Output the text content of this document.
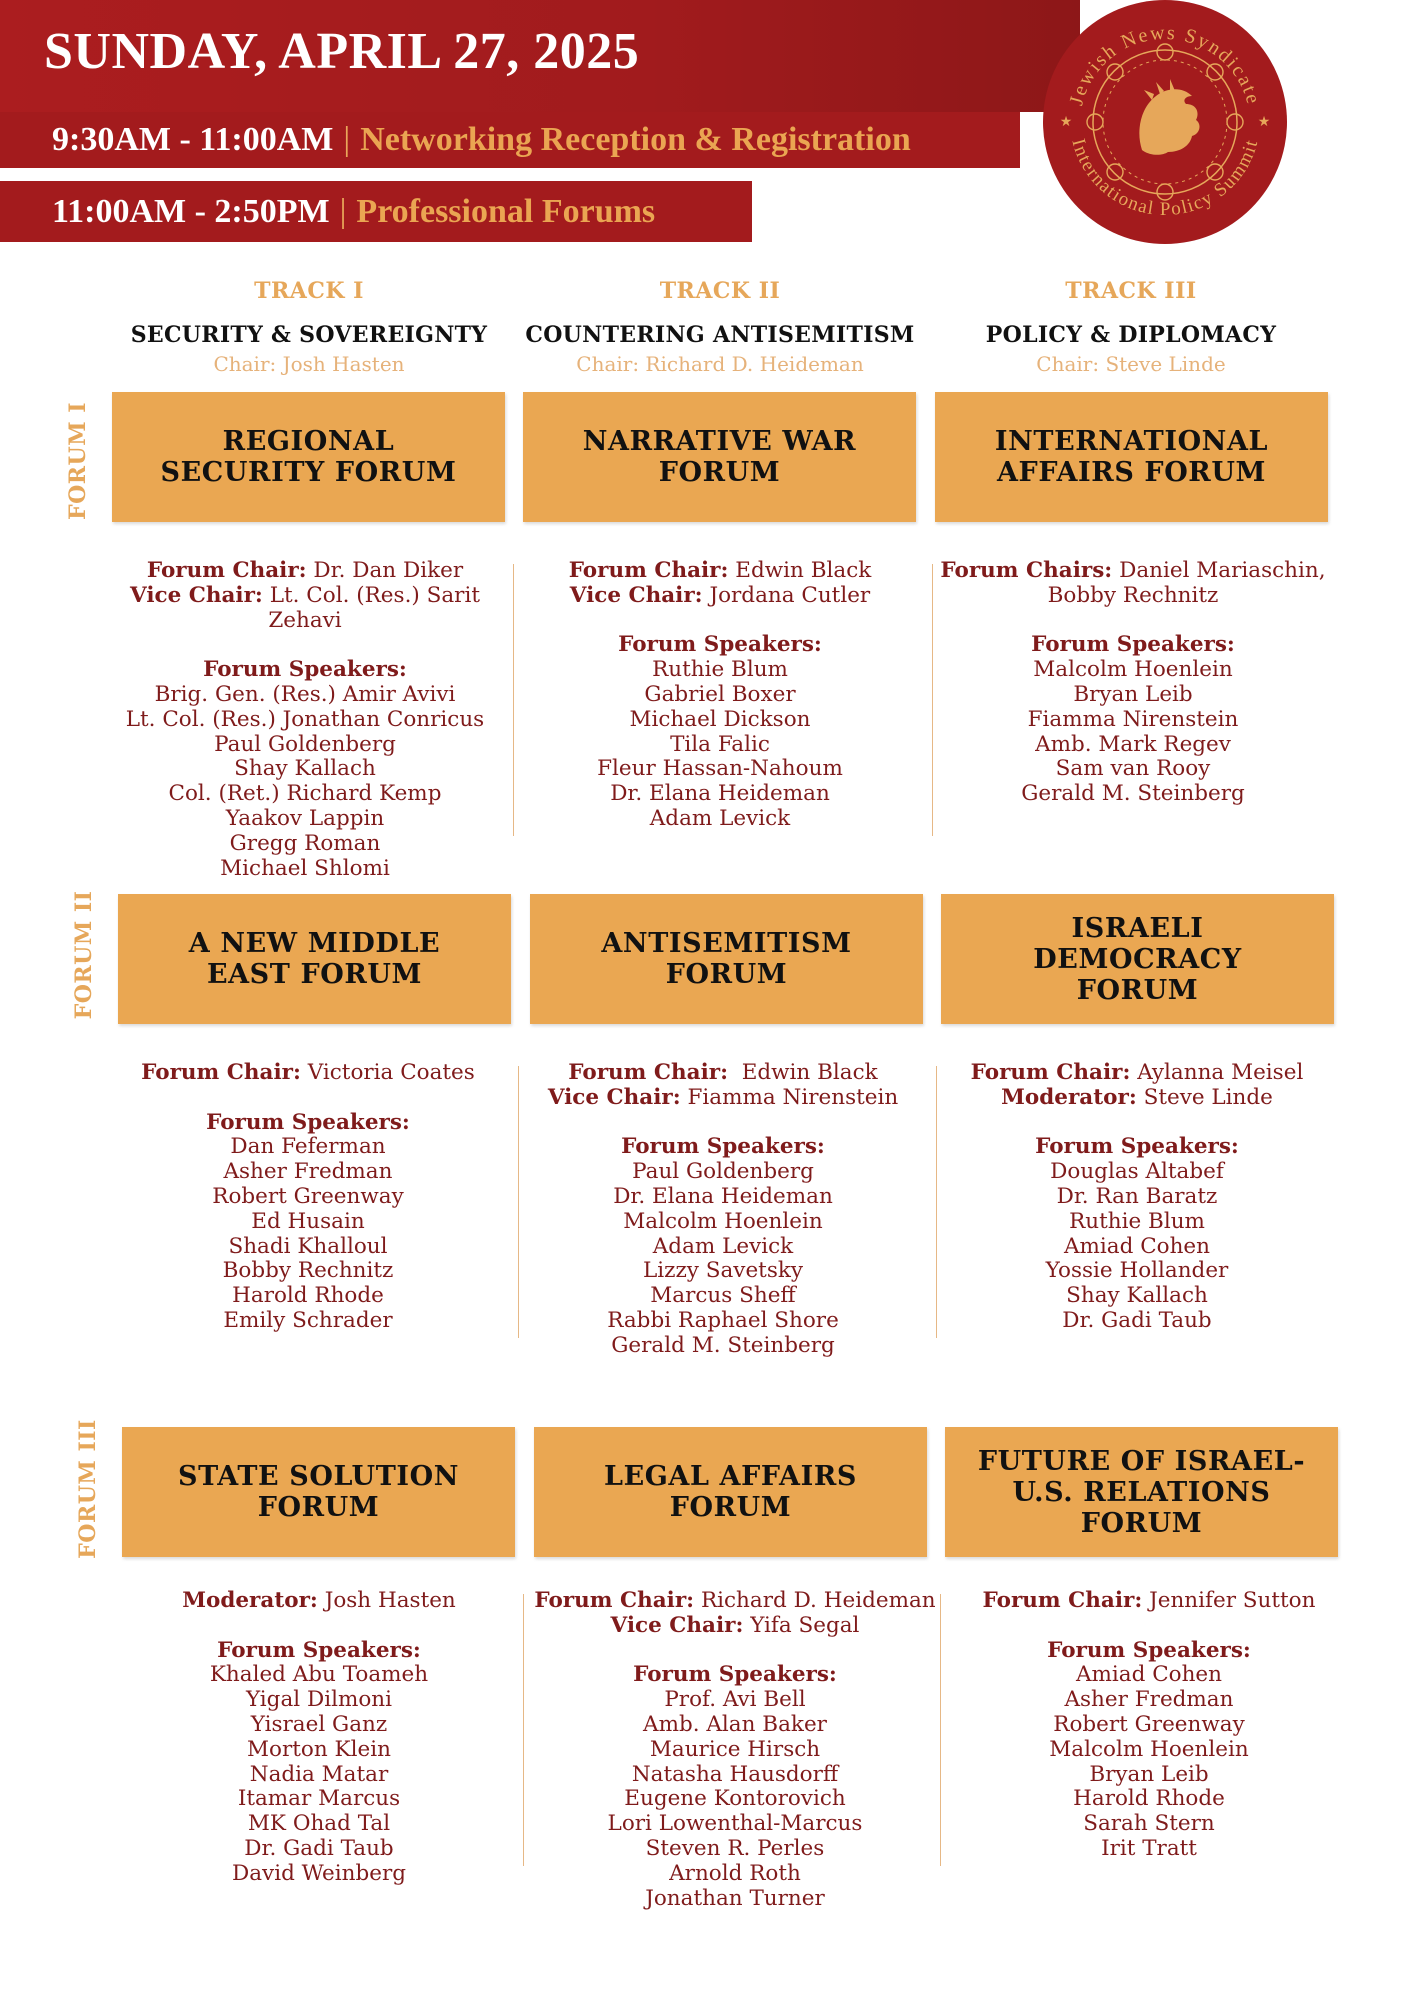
SUNDAY, APRIL 27, 2025
9:30AM - 11:00AM | Networking Reception & Registration
11:00AM - 2:50PM | Professional Forums
Jewish News Syndicate
International Policy Summit
★	★
TRACK I
SECURITY & SOVEREIGNTY
Chair: Josh Hasten
TRACK II
COUNTERING ANTISEMITISM
Chair: Richard D. Heideman
TRACK III
POLICY & DIPLOMACY
Chair: Steve Linde
FORUM I
FORUM II
FORUM III
REGIONAL
SECURITY FORUM
NARRATIVE WAR
FORUM
INTERNATIONAL
AFFAIRS FORUM
Forum Chair: Dr. Dan Diker
Vice Chair: Lt. Col. (Res.) Sarit Zehavi
Forum Speakers:
Brig. Gen. (Res.) Amir Avivi
Lt. Col. (Res.) Jonathan Conricus
Paul Goldenberg
Shay Kallach
Col. (Ret.) Richard Kemp
Yaakov Lappin
Gregg Roman
Michael Shlomi
Forum Chair: Edwin Black
Vice Chair: Jordana Cutler
Forum Speakers:
Ruthie Blum
Gabriel Boxer
Michael Dickson
Tila Falic
Fleur Hassan-Nahoum
Dr. Elana Heideman
Adam Levick
Forum Chairs: Daniel Mariaschin,
Bobby Rechnitz
Forum Speakers:
Malcolm Hoenlein
Bryan Leib
Fiamma Nirenstein
Amb. Mark Regev
Sam van Rooy
Gerald M. Steinberg
A NEW MIDDLE
EAST FORUM
ANTISEMITISM
FORUM
ISRAELI
DEMOCRACY
FORUM
Forum Chair: Victoria Coates
Forum Speakers:
Dan Feferman
Asher Fredman
Robert Greenway
Ed Husain
Shadi Khalloul
Bobby Rechnitz
Harold Rhode
Emily Schrader
Forum Chair:  Edwin Black
Vice Chair: Fiamma Nirenstein
Forum Speakers:
Paul Goldenberg
Dr. Elana Heideman
Malcolm Hoenlein
Adam Levick
Lizzy Savetsky
Marcus Sheff
Rabbi Raphael Shore
Gerald M. Steinberg
Forum Chair: Aylanna Meisel
Moderator: Steve Linde
Forum Speakers:
Douglas Altabef
Dr. Ran Baratz
Ruthie Blum
Amiad Cohen
Yossie Hollander
Shay Kallach
Dr. Gadi Taub
STATE SOLUTION
FORUM
LEGAL AFFAIRS
FORUM
FUTURE OF ISRAEL-
U.S. RELATIONS
FORUM
Moderator: Josh Hasten
Forum Speakers:
Khaled Abu Toameh
Yigal Dilmoni
Yisrael Ganz
Morton Klein
Nadia Matar
Itamar Marcus
MK Ohad Tal
Dr. Gadi Taub
David Weinberg
Forum Chair: Richard D. Heideman
Vice Chair: Yifa Segal
Forum Speakers:
Prof. Avi Bell
Amb. Alan Baker
Maurice Hirsch
Natasha Hausdorff
Eugene Kontorovich
Lori Lowenthal-Marcus
Steven R. Perles
Arnold Roth
Jonathan Turner
Forum Chair: Jennifer Sutton
Forum Speakers:
Amiad Cohen
Asher Fredman
Robert Greenway
Malcolm Hoenlein
Bryan Leib
Harold Rhode
Sarah Stern
Irit Tratt
